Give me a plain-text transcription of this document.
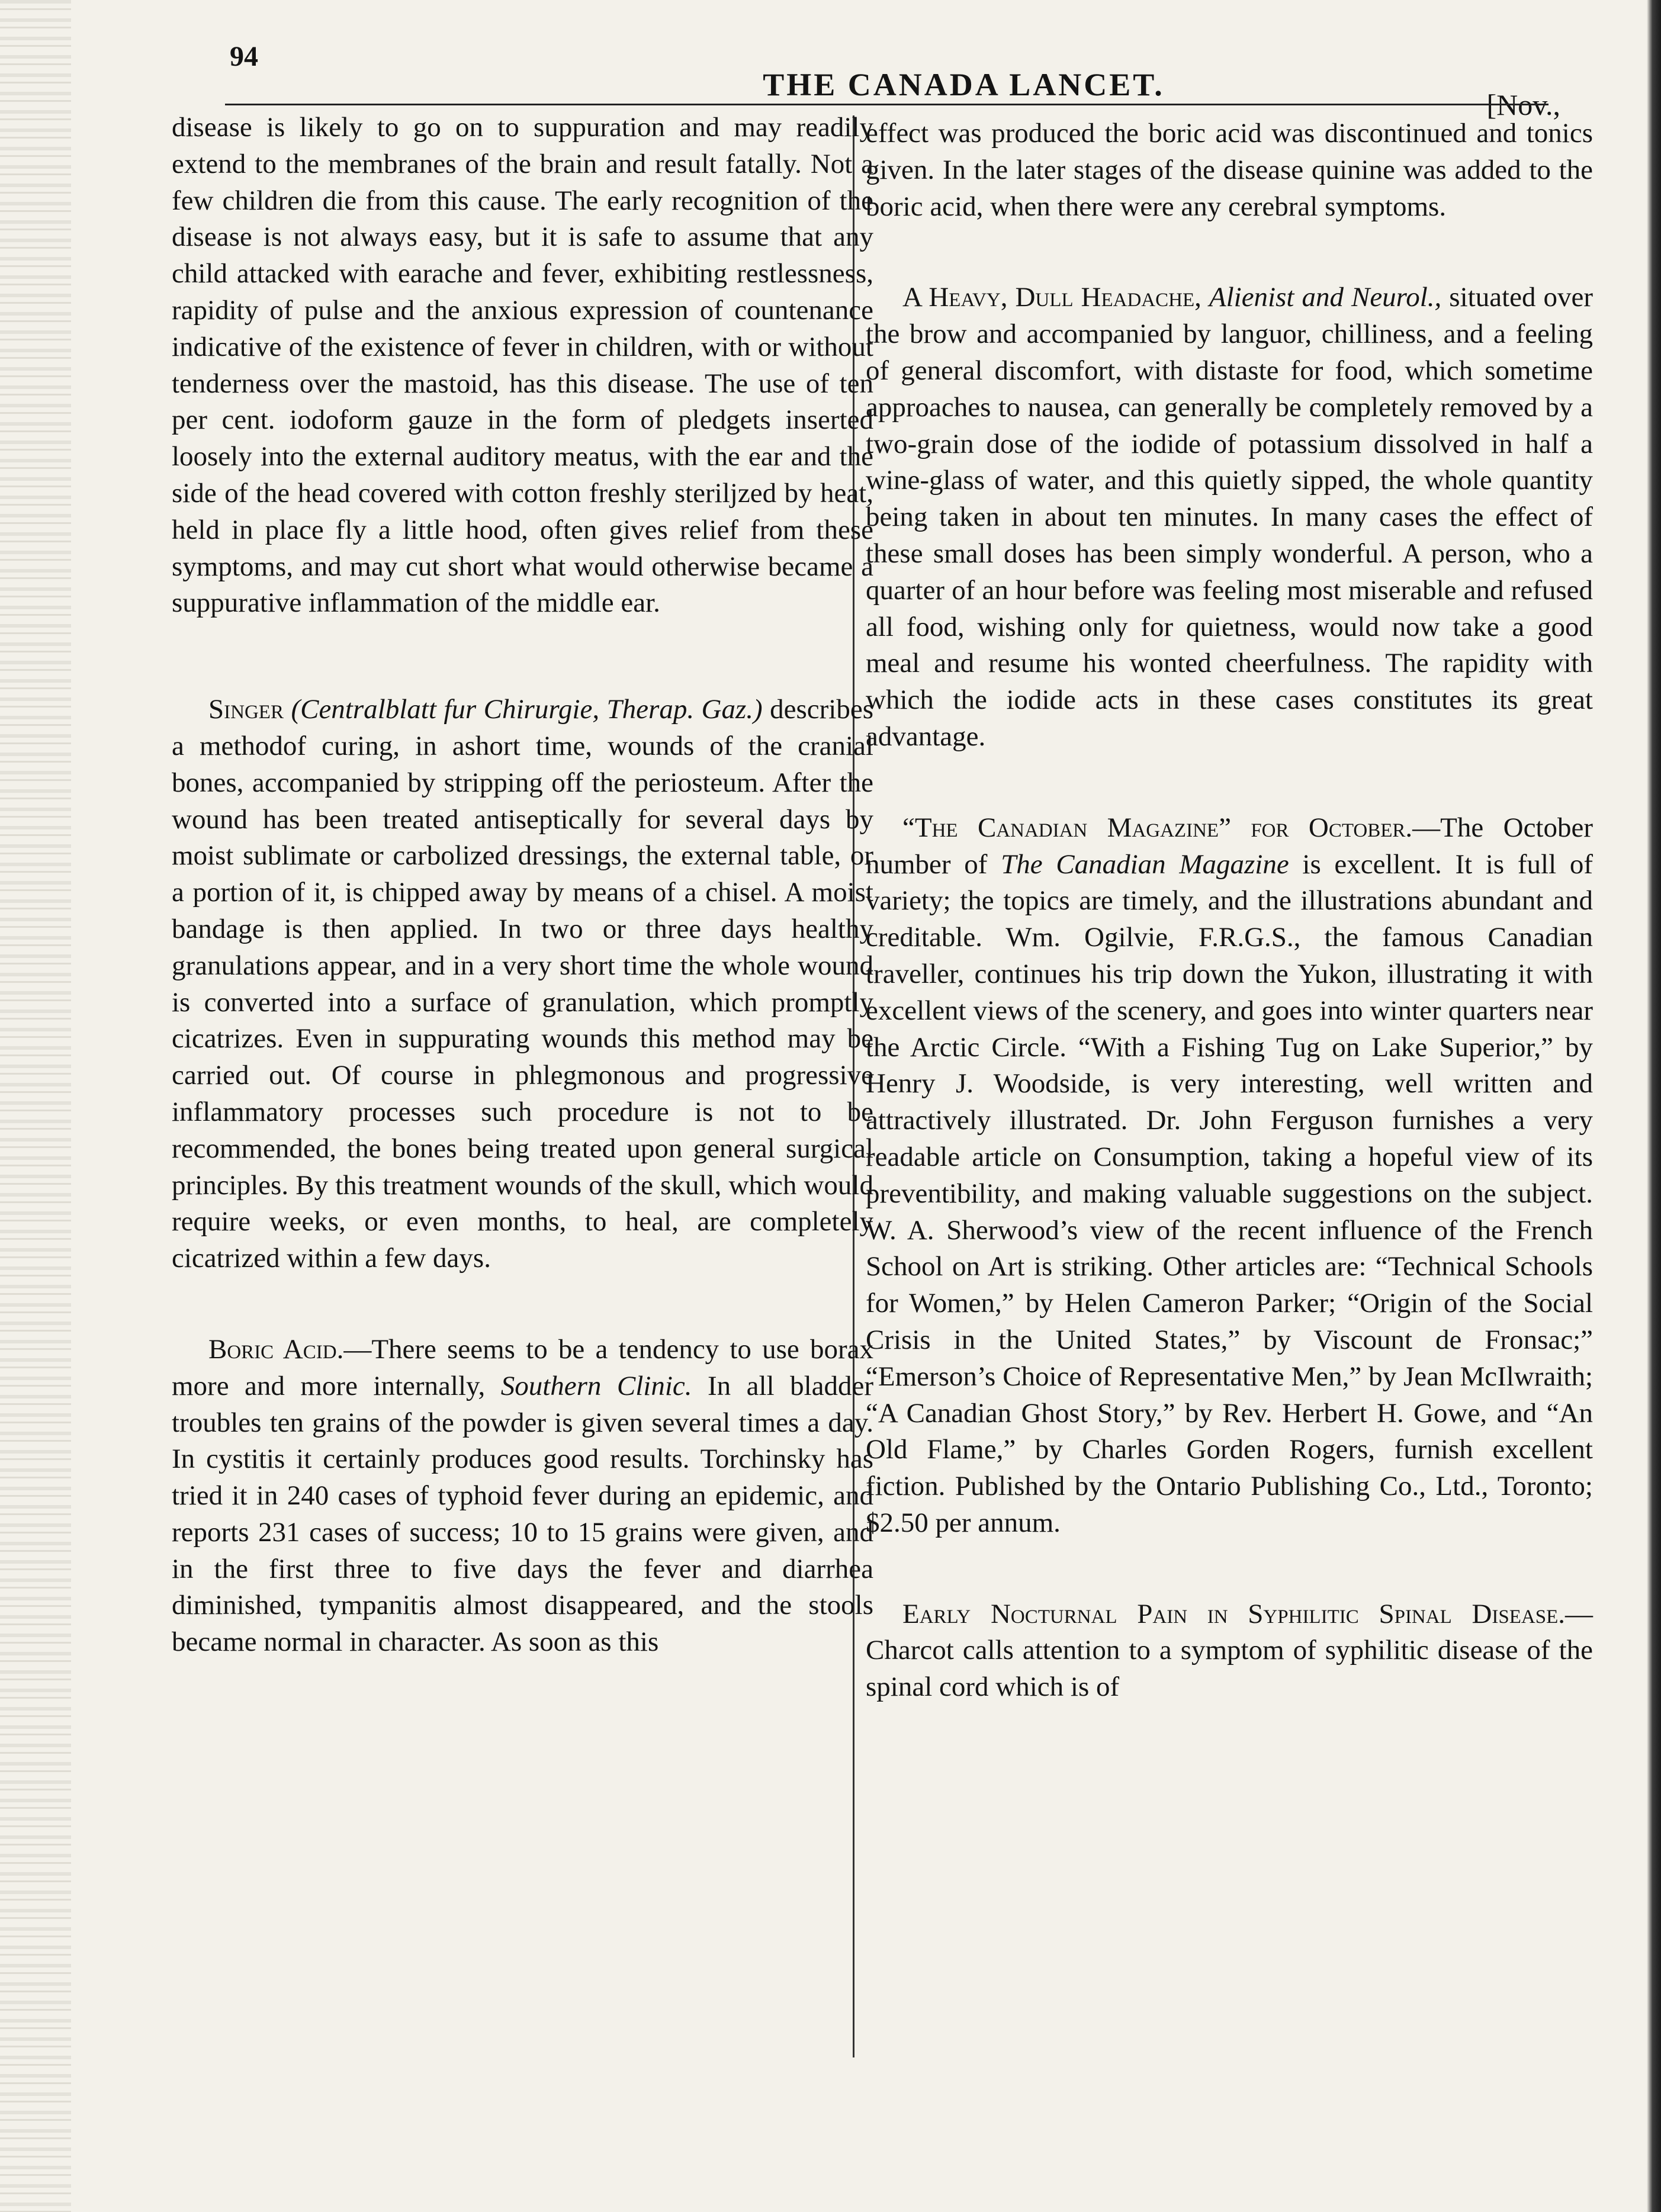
94
THE CANADA LANCET.
[Nov.,

disease is likely to go on to suppuration and may readily extend to the membranes of the brain and result fatally. Not a few children die from this cause. The early recognition of the disease is not always easy, but it is safe to assume that any child attacked with earache and fever, exhibiting restlessness, rapidity of pulse and the anxious expression of countenance indicative of the existence of fever in children, with or without tenderness over the mastoid, has this disease. The use of ten per cent. iodoform gauze in the form of pledgets inserted loosely into the external auditory meatus, with the ear and the side of the head covered with cotton freshly steriljzed by heat, held in place fly a little hood, often gives relief from these symptoms, and may cut short what would otherwise became a suppurative inflammation of the middle ear.

Singer (Centralblatt fur Chirurgie, Therap. Gaz.) describes a methodof curing, in ashort time, wounds of the cranial bones, accompanied by stripping off the periosteum. After the wound has been treated antiseptically for several days by moist sublimate or carbolized dressings, the external table, or a portion of it, is chipped away by means of a chisel. A moist bandage is then applied. In two or three days healthy granulations appear, and in a very short time the whole wound is converted into a surface of granulation, which promptly cicatrizes. Even in suppurating wounds this method may be carried out. Of course in phlegmonous and progressive inflammatory processes such procedure is not to be recommended, the bones being treated upon general surgical principles. By this treatment wounds of the skull, which would require weeks, or even months, to heal, are completely cicatrized within a few days.

Boric Acid.—There seems to be a tendency to use borax more and more internally, Southern Clinic. In all bladder troubles ten grains of the powder is given several times a day. In cystitis it certainly produces good results. Torchinsky has tried it in 240 cases of typhoid fever during an epidemic, and reports 231 cases of success; 10 to 15 grains were given, and in the first three to five days the fever and diarrhea diminished, tympanitis almost disappeared, and the stools became normal in character. As soon as this

effect was produced the boric acid was discontinued and tonics given. In the later stages of the disease quinine was added to the boric acid, when there were any cerebral symptoms.

A Heavy, Dull Headache, Alienist and Neurol., situated over the brow and accompanied by languor, chilliness, and a feeling of general discomfort, with distaste for food, which sometime approaches to nausea, can generally be completely removed by a two-grain dose of the iodide of potassium dissolved in half a wine-glass of water, and this quietly sipped, the whole quantity being taken in about ten minutes. In many cases the effect of these small doses has been simply wonderful. A person, who a quarter of an hour before was feeling most miserable and refused all food, wishing only for quietness, would now take a good meal and resume his wonted cheerfulness. The rapidity with which the iodide acts in these cases constitutes its great advantage.

“The Canadian Magazine” for October.—The October number of The Canadian Magazine is excellent. It is full of variety; the topics are timely, and the illustrations abundant and creditable. Wm. Ogilvie, F.R.G.S., the famous Canadian traveller, continues his trip down the Yukon, illustrating it with excellent views of the scenery, and goes into winter quarters near the Arctic Circle. “With a Fishing Tug on Lake Superior,” by Henry J. Woodside, is very interesting, well written and attractively illustrated. Dr. John Ferguson furnishes a very readable article on Consumption, taking a hopeful view of its preventibility, and making valuable suggestions on the subject. W. A. Sherwood’s view of the recent influence of the French School on Art is striking. Other articles are: “Technical Schools for Women,” by Helen Cameron Parker; “Origin of the Social Crisis in the United States,” by Viscount de Fronsac;” “Emerson’s Choice of Representative Men,” by Jean McIlwraith; “A Canadian Ghost Story,” by Rev. Herbert H. Gowe, and “An Old Flame,” by Charles Gorden Rogers, furnish excellent fiction. Published by the Ontario Publishing Co., Ltd., Toronto; $2.50 per annum.

Early Nocturnal Pain in Syphilitic Spinal Disease.—Charcot calls attention to a symptom of syphilitic disease of the spinal cord which is of
